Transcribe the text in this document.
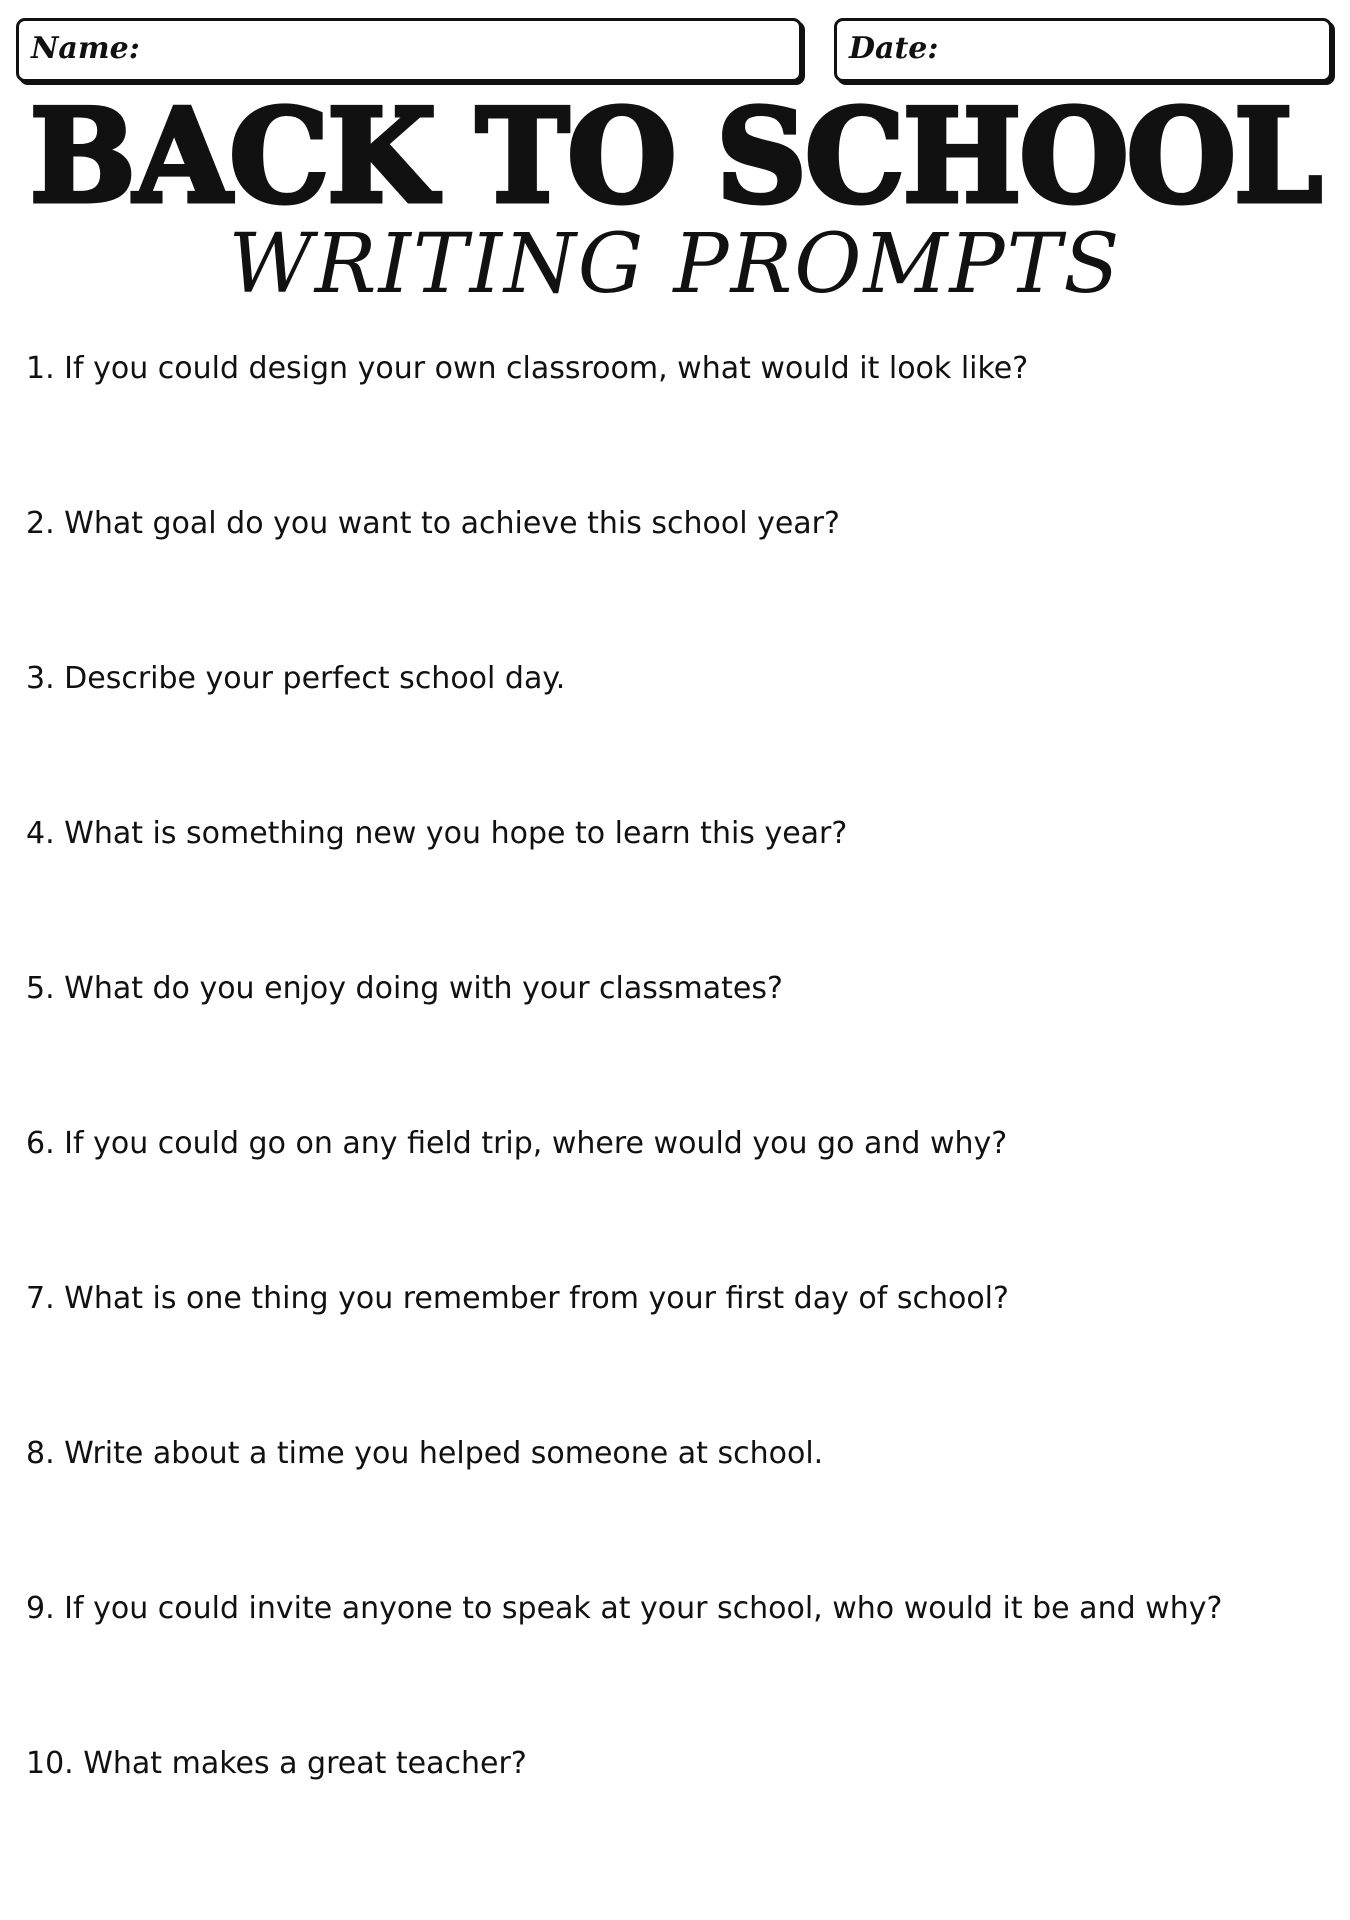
Name:	Date:
BACK TO SCHOOL
WRITING PROMPTS
1. If you could design your own classroom, what would it look like?
2. What goal do you want to achieve this school year?
3. Describe your perfect school day.
4. What is something new you hope to learn this year?
5. What do you enjoy doing with your classmates?
6. If you could go on any field trip, where would you go and why?
7. What is one thing you remember from your first day of school?
8. Write about a time you helped someone at school.
9. If you could invite anyone to speak at your school, who would it be and why?
10. What makes a great teacher?
